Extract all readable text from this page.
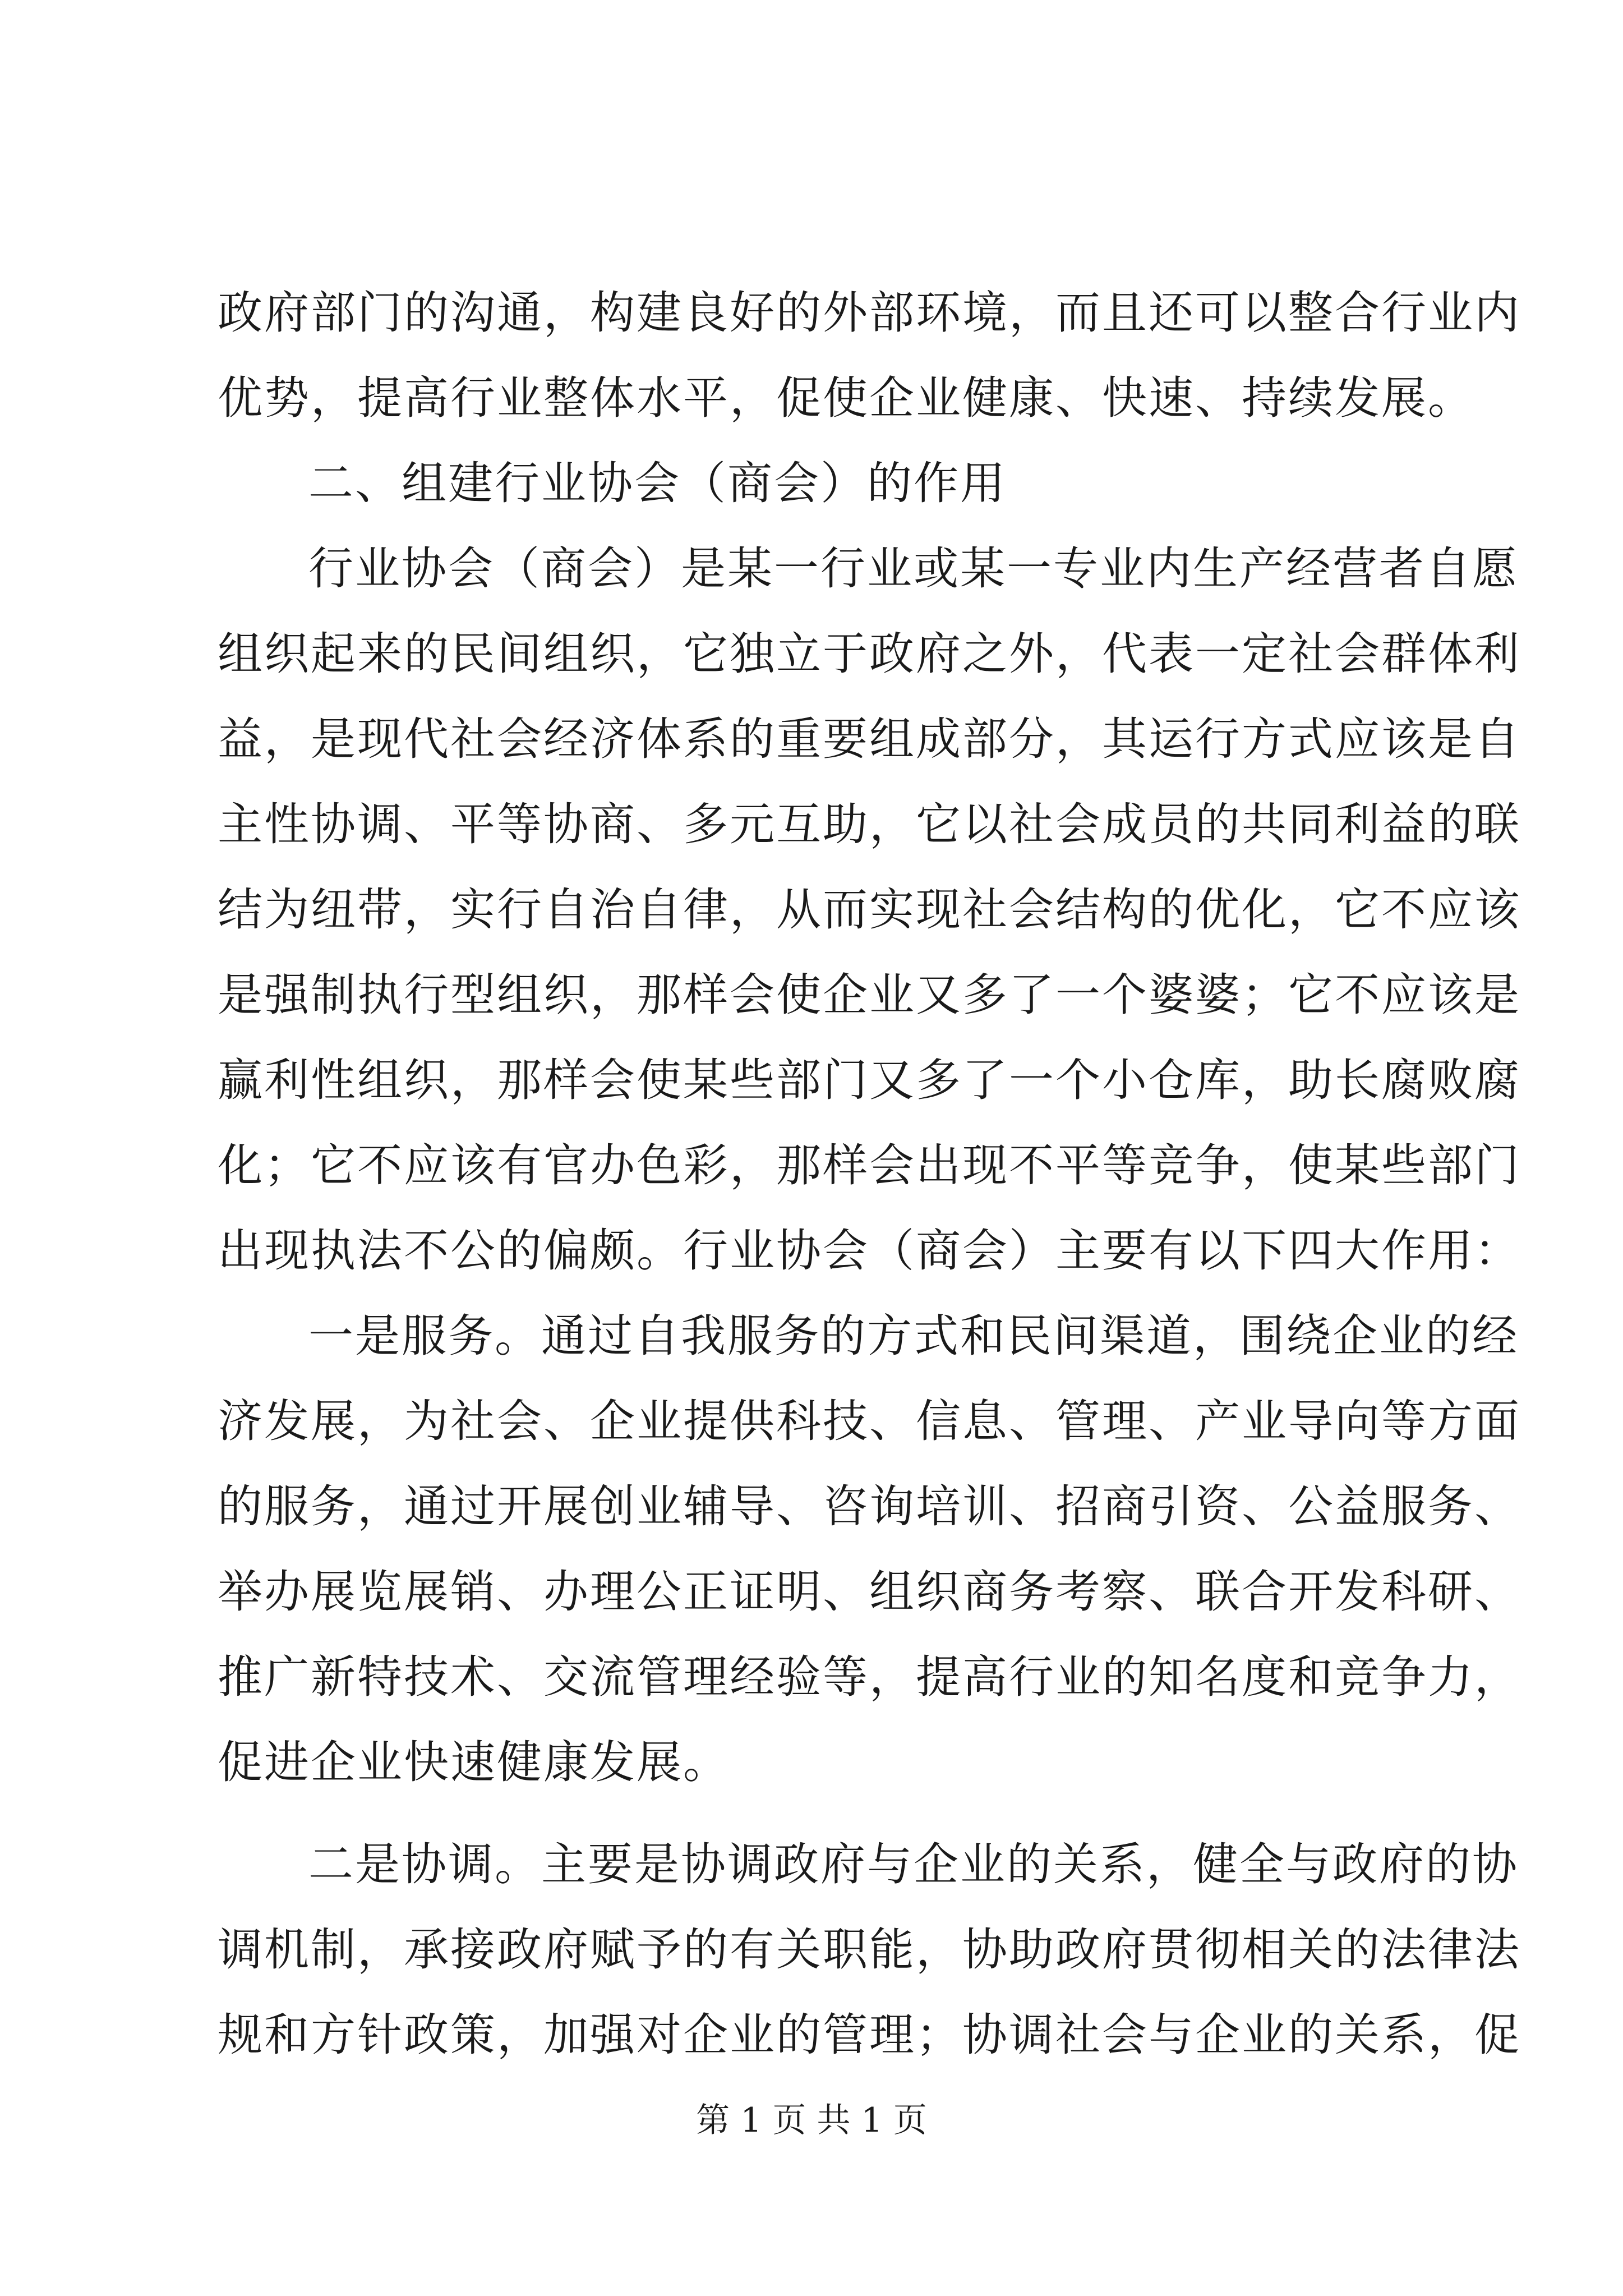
政府部门的沟通，构建良好的外部环境，而且还可以整合行业内
优势，提高行业整体水平，促使企业健康、快速、持续发展。
二、组建行业协会（商会）的作用
行业协会（商会）是某一行业或某一专业内生产经营者自愿
组织起来的民间组织，它独立于政府之外，代表一定社会群体利
益，是现代社会经济体系的重要组成部分，其运行方式应该是自
主性协调、平等协商、多元互助，它以社会成员的共同利益的联
结为纽带，实行自治自律，从而实现社会结构的优化，它不应该
是强制执行型组织，那样会使企业又多了一个婆婆；它不应该是
赢利性组织，那样会使某些部门又多了一个小仓库，助长腐败腐
化；它不应该有官办色彩，那样会出现不平等竞争，使某些部门
出现执法不公的偏颇。行业协会（商会）主要有以下四大作用：
一是服务。通过自我服务的方式和民间渠道，围绕企业的经
济发展，为社会、企业提供科技、信息、管理、产业导向等方面
的服务，通过开展创业辅导、咨询培训、招商引资、公益服务、
举办展览展销、办理公正证明、组织商务考察、联合开发科研、
推广新特技术、交流管理经验等，提高行业的知名度和竞争力，
促进企业快速健康发展。
二是协调。主要是协调政府与企业的关系，健全与政府的协
调机制，承接政府赋予的有关职能，协助政府贯彻相关的法律法
规和方针政策，加强对企业的管理；协调社会与企业的关系，促
第 1 页 共 1 页
